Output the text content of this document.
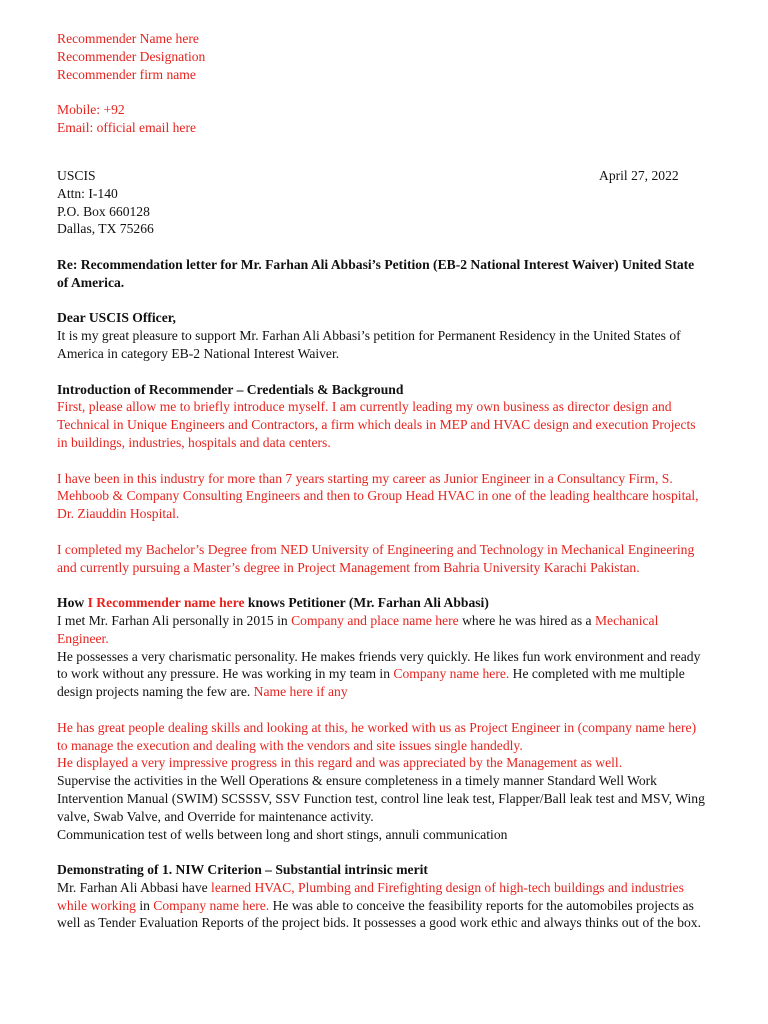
Recommender Name here
Recommender Designation
Recommender firm name
Mobile: +92
Email: official email here
USCIS
Attn: I-140
P.O. Box 660128
Dallas, TX 75266
April 27, 2022

Re: Recommendation letter for Mr. Farhan Ali Abbasi’s Petition (EB-2 National Interest Waiver) United State of America.

Dear USCIS Officer,

It is my great pleasure to support Mr. Farhan Ali Abbasi’s petition for Permanent Residency in the United States of America in category EB-2 National Interest Waiver.

Introduction of Recommender – Credentials & Background

First, please allow me to briefly introduce myself. I am currently leading my own business as director design and Technical in Unique Engineers and Contractors, a firm which deals in MEP and HVAC design and execution Projects in buildings, industries, hospitals and data centers.

I have been in this industry for more than 7 years starting my career as Junior Engineer in a Consultancy Firm, S. Mehboob & Company Consulting Engineers and then to Group Head HVAC in one of the leading healthcare hospital, Dr. Ziauddin Hospital.

I completed my Bachelor’s Degree from NED University of Engineering and Technology in Mechanical Engineering and currently pursuing a Master’s degree in Project Management from Bahria University Karachi Pakistan.

How I Recommender name here knows Petitioner (Mr. Farhan Ali Abbasi)

I met Mr. Farhan Ali personally in 2015 in Company and place name here where he was hired as a Mechanical Engineer.

He possesses a very charismatic personality. He makes friends very quickly. He likes fun work environment and ready to work without any pressure. He was working in my team in Company name here. He completed with me multiple design projects naming the few are. Name here if any

He has great people dealing skills and looking at this, he worked with us as Project Engineer in (company name here) to manage the execution and dealing with the vendors and site issues single handedly.

He displayed a very impressive progress in this regard and was appreciated by the Management as well.

Supervise the activities in the Well Operations & ensure completeness in a timely manner Standard Well Work Intervention Manual (SWIM) SCSSSV, SSV Function test, control line leak test, Flapper/Ball leak test and MSV, Wing valve, Swab Valve, and Override for maintenance activity.

Communication test of wells between long and short stings, annuli communication

Demonstrating of 1. NIW Criterion – Substantial intrinsic merit

Mr. Farhan Ali Abbasi have learned HVAC, Plumbing and Firefighting design of high-tech buildings and industries while working in Company name here. He was able to conceive the feasibility reports for the automobiles projects as well as Tender Evaluation Reports of the project bids. It possesses a good work ethic and always thinks out of the box.
